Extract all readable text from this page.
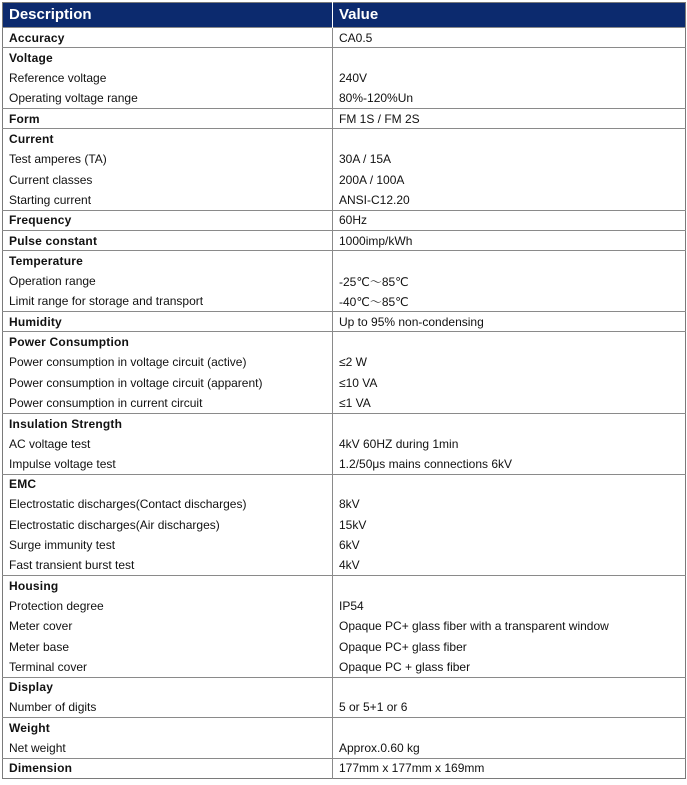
Description	Value
Accuracy	CA0.5
Voltage	
Reference voltage	240V
Operating voltage range	80%-120%Un
Form	FM 1S / FM 2S
Current	
Test amperes (TA)	30A / 15A
Current classes	200A / 100A
Starting current	ANSI-C12.20
Frequency	60Hz
Pulse constant	1000imp/kWh
Temperature	
Operation range	-25℃～85℃
Limit range for storage and transport	-40℃～85℃
Humidity	Up to 95% non-condensing
Power Consumption	
Power consumption in voltage circuit (active)	≤2 W
Power consumption in voltage circuit (apparent)	≤10 VA
Power consumption in current circuit	≤1 VA
Insulation Strength	
AC voltage test	4kV 60HZ during 1min
Impulse voltage test	1.2/50μs mains connections 6kV
EMC	
Electrostatic discharges(Contact discharges)	8kV
Electrostatic discharges(Air discharges)	15kV
Surge immunity test	6kV
Fast transient burst test	4kV
Housing	
Protection degree	IP54
Meter cover	Opaque PC+ glass fiber with a transparent window
Meter base	Opaque PC+ glass fiber
Terminal cover	Opaque PC + glass fiber
Display	
Number of digits	5 or 5+1 or 6
Weight	
Net weight	Approx.0.60 kg
Dimension	177mm x 177mm x 169mm
